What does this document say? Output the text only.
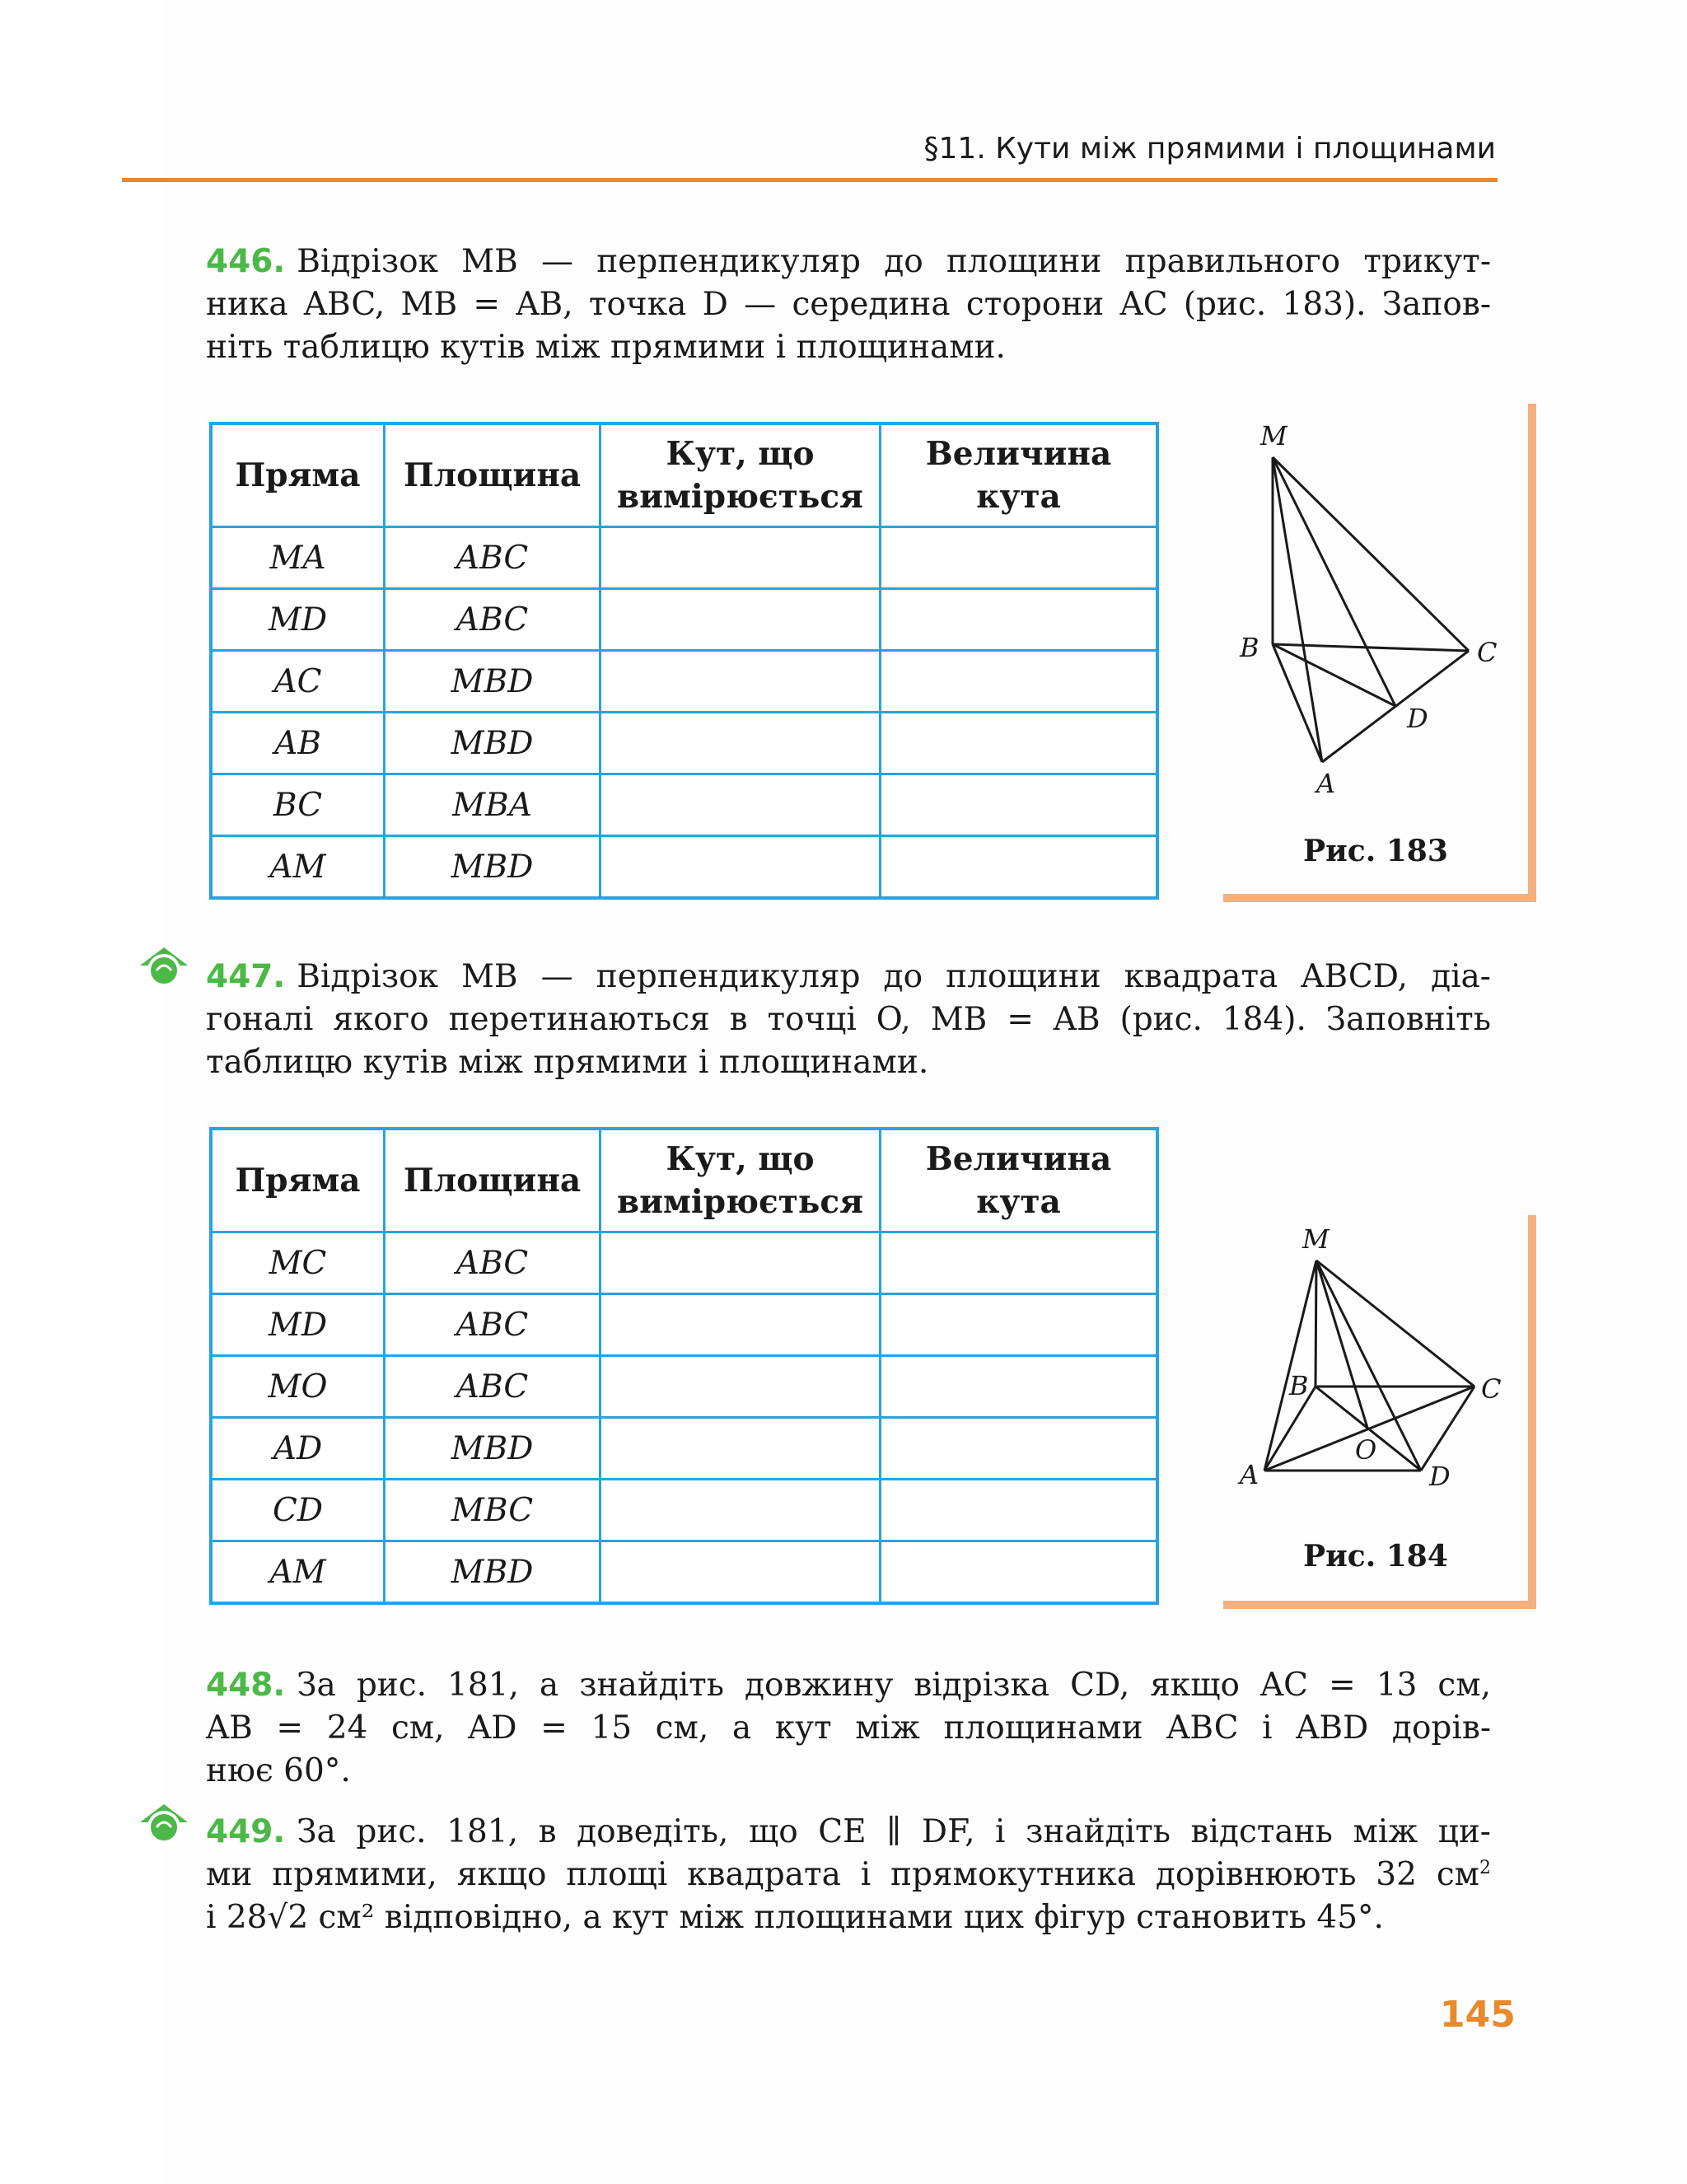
§11. Кути між прямими і площинами
446. Відрізок MB — перпендикуляр до площини правильного трикут-
ника ABC, MB = AB, точка D — середина сторони AC (рис. 183). Запов-
ніть таблицю кутів між прямими і площинами.
Пряма	Площина	Кут, що вимірюється	Величина кута
MA	ABC		
MD	ABC		
AC	MBD		
AB	MBD		
BC	MBA		
AM	MBD		
M
B	C
D
A
Рис. 183
447. Відрізок MB — перпендикуляр до площини квадрата ABCD, діа-
гоналі якого перетинаються в точці O, MB = AB (рис. 184). Заповніть
таблицю кутів між прямими і площинами.
Пряма	Площина	Кут, що вимірюється	Величина кута
MC	ABC		
MD	ABC		
MO	ABC		
AD	MBD		
CD	MBC		
AM	MBD		
M
B	C
A
O
D
Рис. 184
448. За рис. 181, а знайдіть довжину відрізка CD, якщо AC = 13 см,
AB = 24 см, AD = 15 см, а кут між площинами ABC і ABD дорів-
нює 60°.
449. За рис. 181, в доведіть, що CE ∥ DF, і знайдіть відстань між ци-
ми прямими, якщо площі квадрата і прямокутника дорівнюють 32 $см^2$
і 28√2 см² відповідно, а кут між площинами цих фігур становить 45°.
145
